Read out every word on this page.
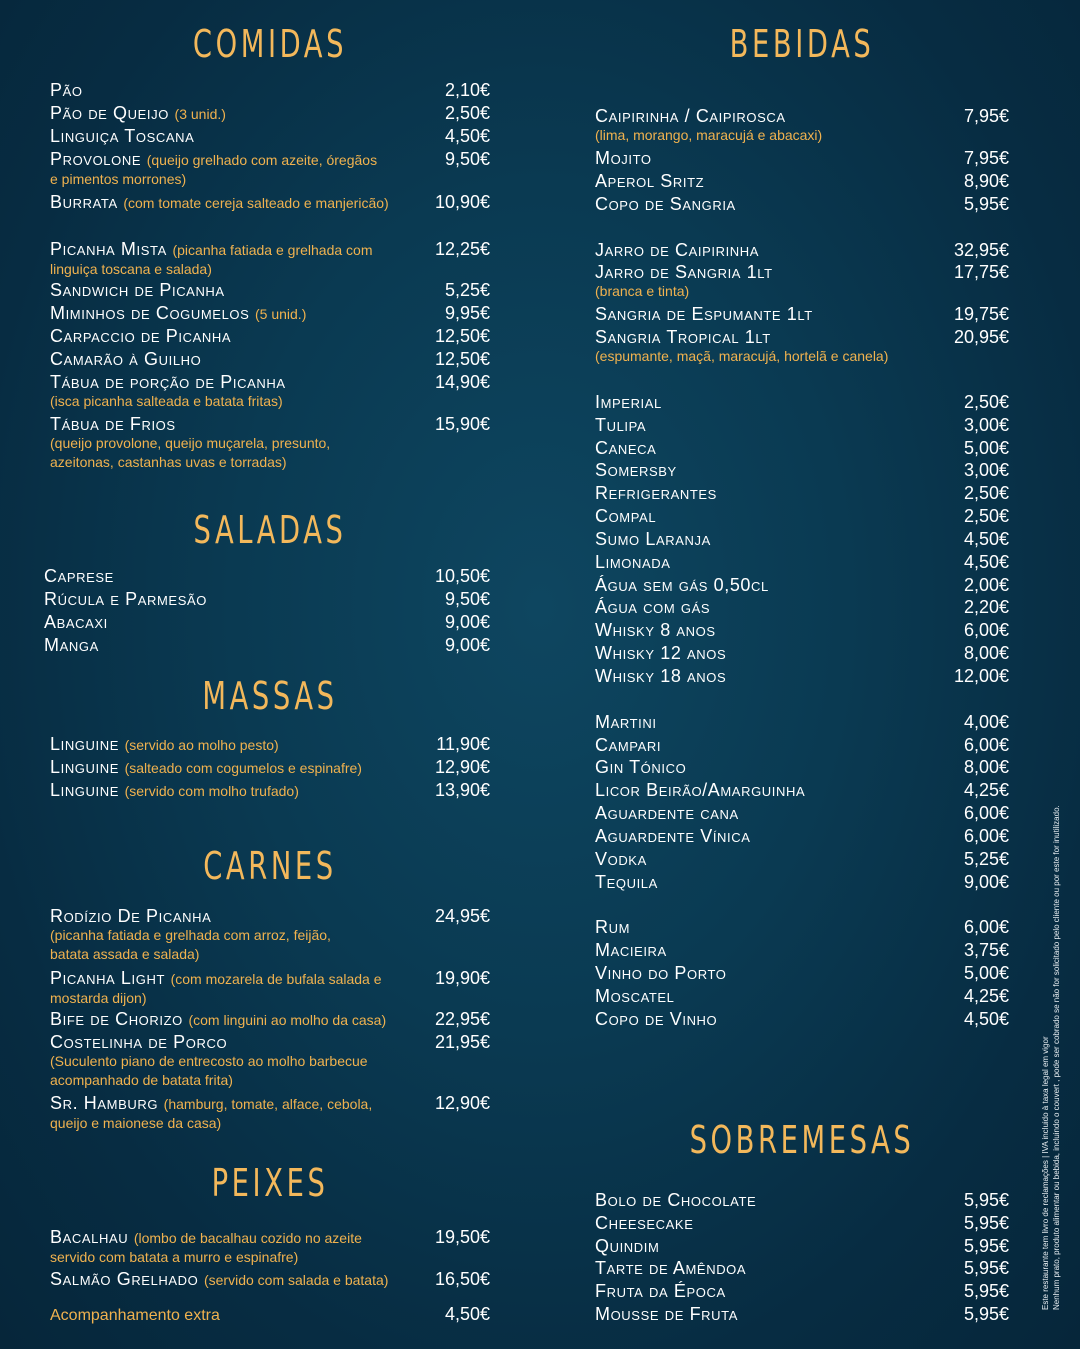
COMIDAS
Pão	2,10€
Pão de Queijo (3 unid.)	2,50€
Linguiça Toscana	4,50€
Provolone (queijo grelhado com azeite, óregãos	9,50€
e pimentos morrones)
Burrata (com tomate cereja salteado e manjericão)	10,90€
Picanha Mista (picanha fatiada e grelhada com	12,25€
linguiça toscana e salada)
Sandwich de Picanha	5,25€
Miminhos de Cogumelos (5 unid.)	9,95€
Carpaccio de Picanha	12,50€
Camarão à Guilho	12,50€
Tábua de porção de Picanha	14,90€
(isca picanha salteada e batata fritas)
Tábua de Frios	15,90€
(queijo provolone, queijo muçarela, presunto,
azeitonas, castanhas uvas e torradas)
SALADAS
Caprese	10,50€
Rúcula e Parmesão	9,50€
Abacaxi	9,00€
Manga	9,00€
MASSAS
Linguine (servido ao molho pesto)	11,90€
Linguine (salteado com cogumelos e espinafre)	12,90€
Linguine (servido com molho trufado)	13,90€
CARNES
Rodízio De Picanha	24,95€
(picanha fatiada e grelhada com arroz, feijão,
batata assada e salada)
Picanha Light (com mozarela de bufala salada e	19,90€
mostarda dijon)
Bife de Chorizo (com linguini ao molho da casa)	22,95€
Costelinha de Porco	21,95€
(Suculento piano de entrecosto ao molho barbecue
acompanhado de batata frita)
Sr. Hamburg (hamburg, tomate, alface, cebola,	12,90€
queijo e maionese da casa)
PEIXES
Bacalhau (lombo de bacalhau cozido no azeite	19,50€
servido com batata a murro e espinafre)
Salmão Grelhado (servido com salada e batata)	16,50€
Acompanhamento extra	4,50€
BEBIDAS
Caipirinha / Caipirosca	7,95€
(lima, morango, maracujá e abacaxi)
Mojito	7,95€
Aperol Sritz	8,90€
Copo de Sangria	5,95€
Jarro de Caipirinha	32,95€
Jarro de Sangria 1lt	17,75€
(branca e tinta)
Sangria de Espumante 1lt	19,75€
Sangria Tropical 1lt	20,95€
(espumante, maçã, maracujá, hortelã e canela)
Imperial	2,50€
Tulipa	3,00€
Caneca	5,00€
Somersby	3,00€
Refrigerantes	2,50€
Compal	2,50€
Sumo Laranja	4,50€
Limonada	4,50€
Água sem gás 0,50cl	2,00€
Água com gás	2,20€
Whisky 8 anos	6,00€
Whisky 12 anos	8,00€
Whisky 18 anos	12,00€
Martini	4,00€
Campari	6,00€
Gin Tónico	8,00€
Licor Beirão/Amarguinha	4,25€
Aguardente cana	6,00€
Aguardente Vínica	6,00€
Vodka	5,25€
Tequila	9,00€
Rum	6,00€
Macieira	3,75€
Vinho do Porto	5,00€
Moscatel	4,25€
Copo de Vinho	4,50€
SOBREMESAS
Bolo de Chocolate	5,95€
Cheesecake	5,95€
Quindim	5,95€
Tarte de Amêndoa	5,95€
Fruta da Época	5,95€
Mousse de Fruta	5,95€
Este restaurante tem livro de reclamações | IVA incluido à taxa legal em vigor Nenhum prato, produto alimentar ou bebida, incluindo o couvert , pode ser cobrado se não for solicitado pelo cliente ou por este for inutilizado.
